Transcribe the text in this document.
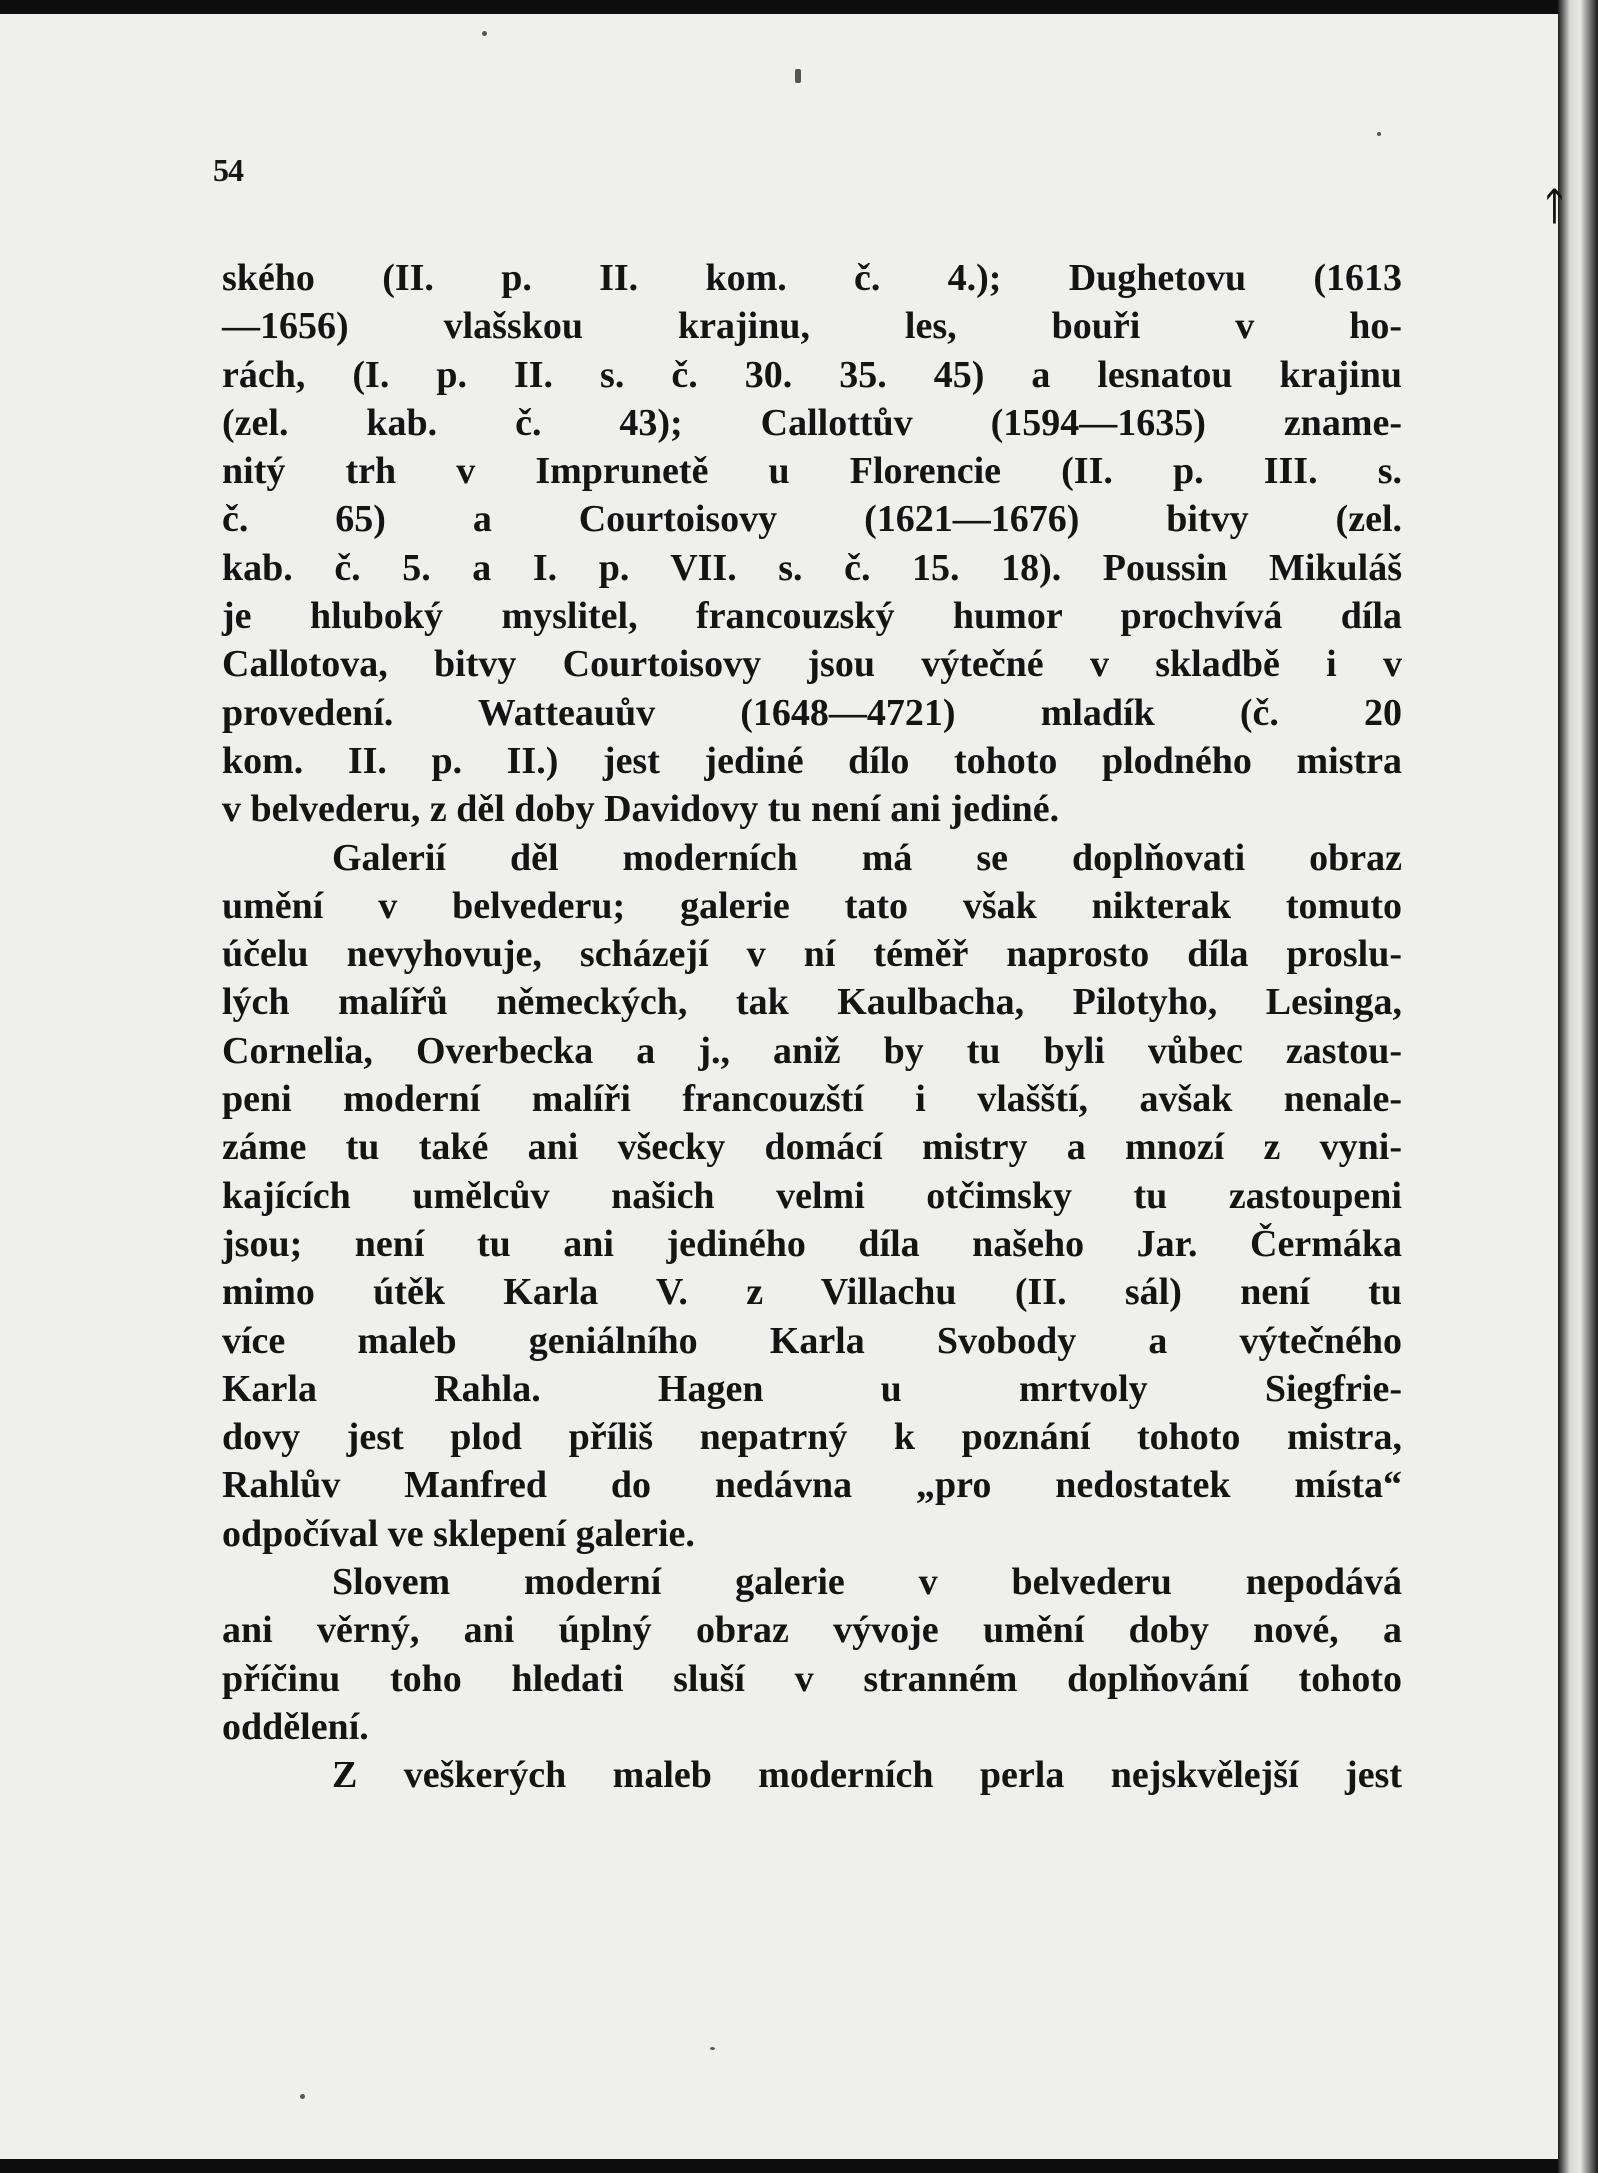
54
ského (II. p. II. kom. č. 4.); Dughetovu (1613
—1656) vlašskou krajinu, les, bouři v ho-
rách, (I. p. II. s. č. 30. 35. 45) a lesnatou krajinu
(zel. kab. č. 43); Callottův (1594—1635) zname-
nitý trh v Imprunetě u Florencie (II. p. III. s.
č. 65) a Courtoisovy (1621—1676) bitvy (zel.
kab. č. 5. a I. p. VII. s. č. 15. 18). Poussin Mikuláš
je hluboký myslitel, francouzský humor prochvívá díla
Callotova, bitvy Courtoisovy jsou výtečné v skladbě i v
provedení. Watteauův (1648—4721) mladík (č. 20
kom. II. p. II.) jest jediné dílo tohoto plodného mistra
v belvederu, z děl doby Davidovy tu není ani jediné.
Galerií děl moderních má se doplňovati obraz
umění v belvederu; galerie tato však nikterak tomuto
účelu nevyhovuje, scházejí v ní téměř naprosto díla proslu-
lých malířů německých, tak Kaulbacha, Pilotyho, Lesinga,
Cornelia, Overbecka a j., aniž by tu byli vůbec zastou-
peni moderní malíři francouzští i vlašští, avšak nenale-
záme tu také ani všecky domácí mistry a mnozí z vyni-
kajících umělcův našich velmi otčimsky tu zastoupeni
jsou; není tu ani jediného díla našeho Jar. Čermáka
mimo útěk Karla V. z Villachu (II. sál) není tu
více maleb geniálního Karla Svobody a výtečného
Karla Rahla. Hagen u mrtvoly Siegfrie-
dovy jest plod příliš nepatrný k poznání tohoto mistra,
Rahlův Manfred do nedávna „pro nedostatek místa“
odpočíval ve sklepení galerie.
Slovem moderní galerie v belvederu nepodává
ani věrný, ani úplný obraz vývoje umění doby nové, a
příčinu toho hledati sluší v stranném doplňování tohoto
oddělení.
Z veškerých maleb moderních perla nejskvělejší jest
ᛏ
